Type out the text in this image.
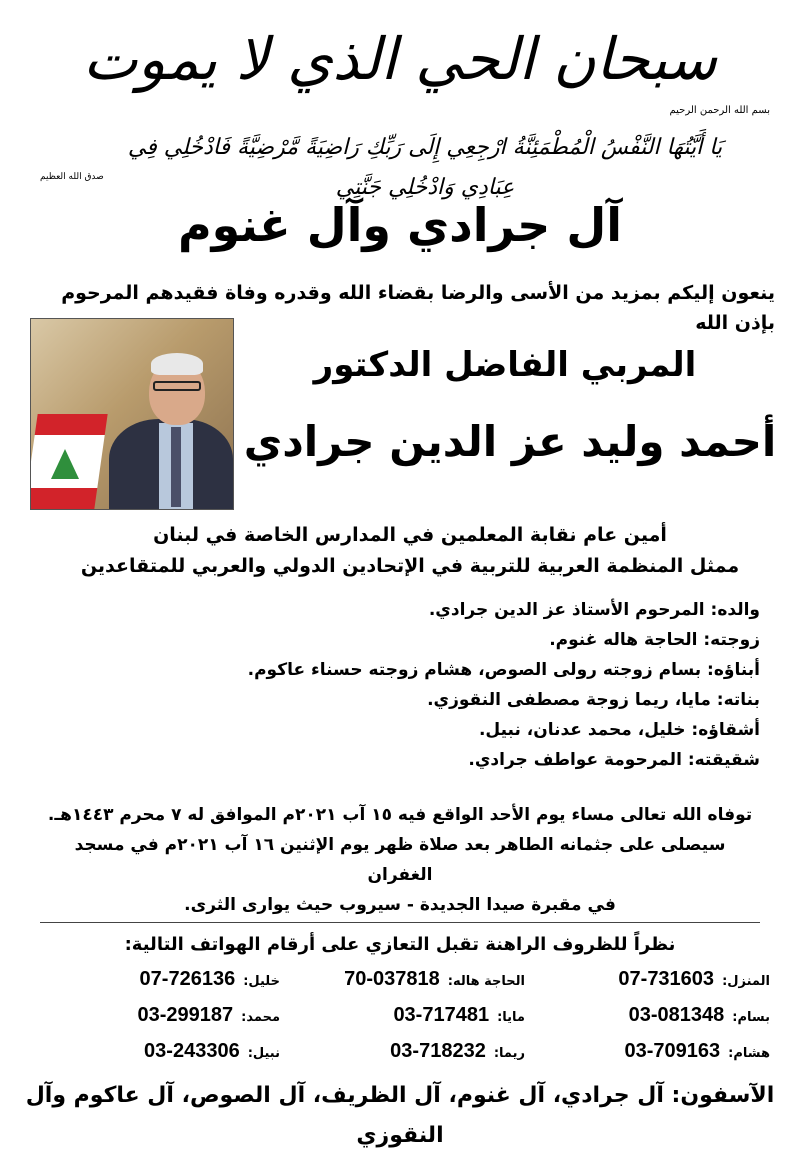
سبحان الحي الذي لا يموت
بسم الله الرحمن الرحيم
يَا أَيَّتُهَا النَّفْسُ الْمُطْمَئِنَّةُ ارْجِعِي إِلَى رَبِّكِ رَاضِيَةً مَّرْضِيَّةً فَادْخُلِي فِي عِبَادِي وَادْخُلِي جَنَّتِي
صدق الله العظيم
آل جرادي وآل غنوم
ينعون إليكم بمزيد من الأسى والرضا بقضاء الله وقدره وفاة فقيدهم المرحوم بإذن الله
المربي الفاضل الدكتور
أحمد وليد عز الدين جرادي
أمين عام نقابة المعلمين في المدارس الخاصة في لبنان
ممثل المنظمة العربية للتربية في الإتحادين الدولي والعربي للمتقاعدين
والده: المرحوم الأستاذ عز الدين جرادي.
زوجته: الحاجة هاله غنوم.
أبناؤه: بسام زوجته رولى الصوص، هشام زوجته حسناء عاكوم.
بناته: مايا، ريما زوجة مصطفى النقوزي.
أشقاؤه: خليل، محمد عدنان، نبيل.
شقيقته: المرحومة عواطف جرادي.
توفاه الله تعالى مساء يوم الأحد الواقع فيه ١٥ آب ٢٠٢١م الموافق له ٧ محرم ١٤٤٣هـ.
سيصلى على جثمانه الطاهر بعد صلاة ظهر يوم الإثنين ١٦ آب ٢٠٢١م في مسجد الغفران
في مقبرة صيدا الجديدة - سيروب حيث يوارى الثرى.
نظراً للظروف الراهنة تقبل التعازي على أرقام الهواتف التالية:
المنزل:07-731603
الحاجة هاله:70-037818
خليل:07-726136
بسام:03-081348
مايا:03-717481
محمد:03-299187
هشام:03-709163
ريما:03-718232
نبيل:03-243306
الآسفون: آل جرادي، آل غنوم، آل الظريف، آل الصوص، آل عاكوم وآل النقوزي
